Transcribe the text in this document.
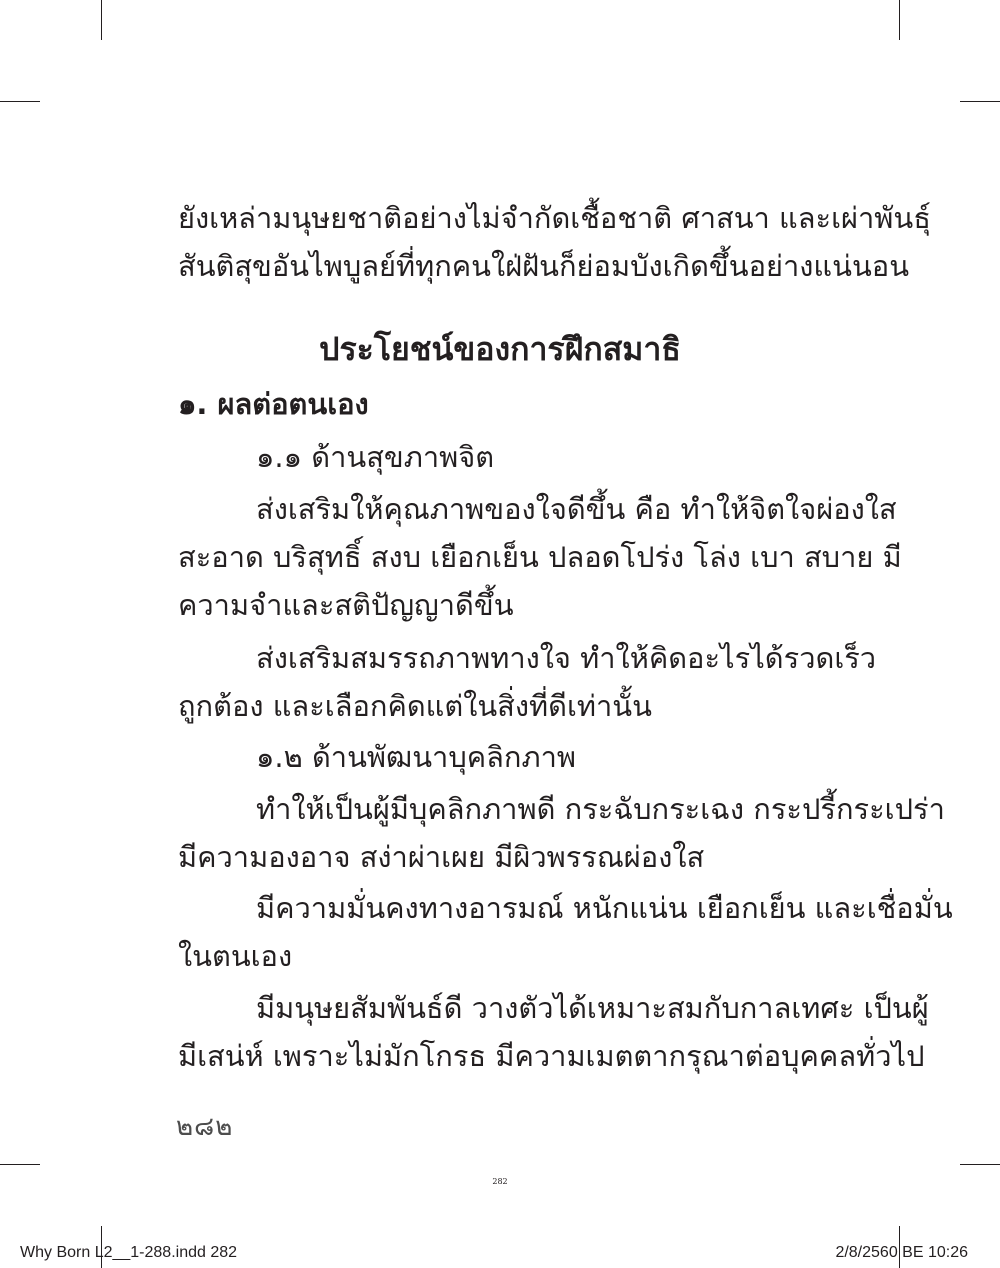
ยังเหล่ามนุษยชาติอย่างไม่จำกัดเชื้อชาติ ศาสนา และเผ่าพันธุ์
สันติสุขอันไพบูลย์ที่ทุกคนใฝ่ฝันก็ย่อมบังเกิดขึ้นอย่างแน่นอน
ประโยชน์ของการฝึกสมาธิ
๑. ผลต่อตนเอง
๑.๑ ด้านสุขภาพจิต
ส่งเสริมให้คุณภาพของใจดีขึ้น คือ ทำให้จิตใจผ่องใส
สะอาด บริสุทธิ์ สงบ เยือกเย็น ปลอดโปร่ง โล่ง เบา สบาย มี
ความจำและสติปัญญาดีขึ้น
ส่งเสริมสมรรถภาพทางใจ ทำให้คิดอะไรได้รวดเร็ว
ถูกต้อง และเลือกคิดแต่ในสิ่งที่ดีเท่านั้น
๑.๒ ด้านพัฒนาบุคลิกภาพ
ทำให้เป็นผู้มีบุคลิกภาพดี กระฉับกระเฉง กระปรี้กระเปร่า
มีความองอาจ สง่าผ่าเผย มีผิวพรรณผ่องใส
มีความมั่นคงทางอารมณ์ หนักแน่น เยือกเย็น และเชื่อมั่น
ในตนเอง
มีมนุษยสัมพันธ์ดี วางตัวได้เหมาะสมกับกาลเทศะ เป็นผู้
มีเสน่ห์ เพราะไม่มักโกรธ มีความเมตตากรุณาต่อบุคคลทั่วไป
๒๘๒
282
Why Born L2__1-288.indd 282	2/8/2560 BE 10:26
